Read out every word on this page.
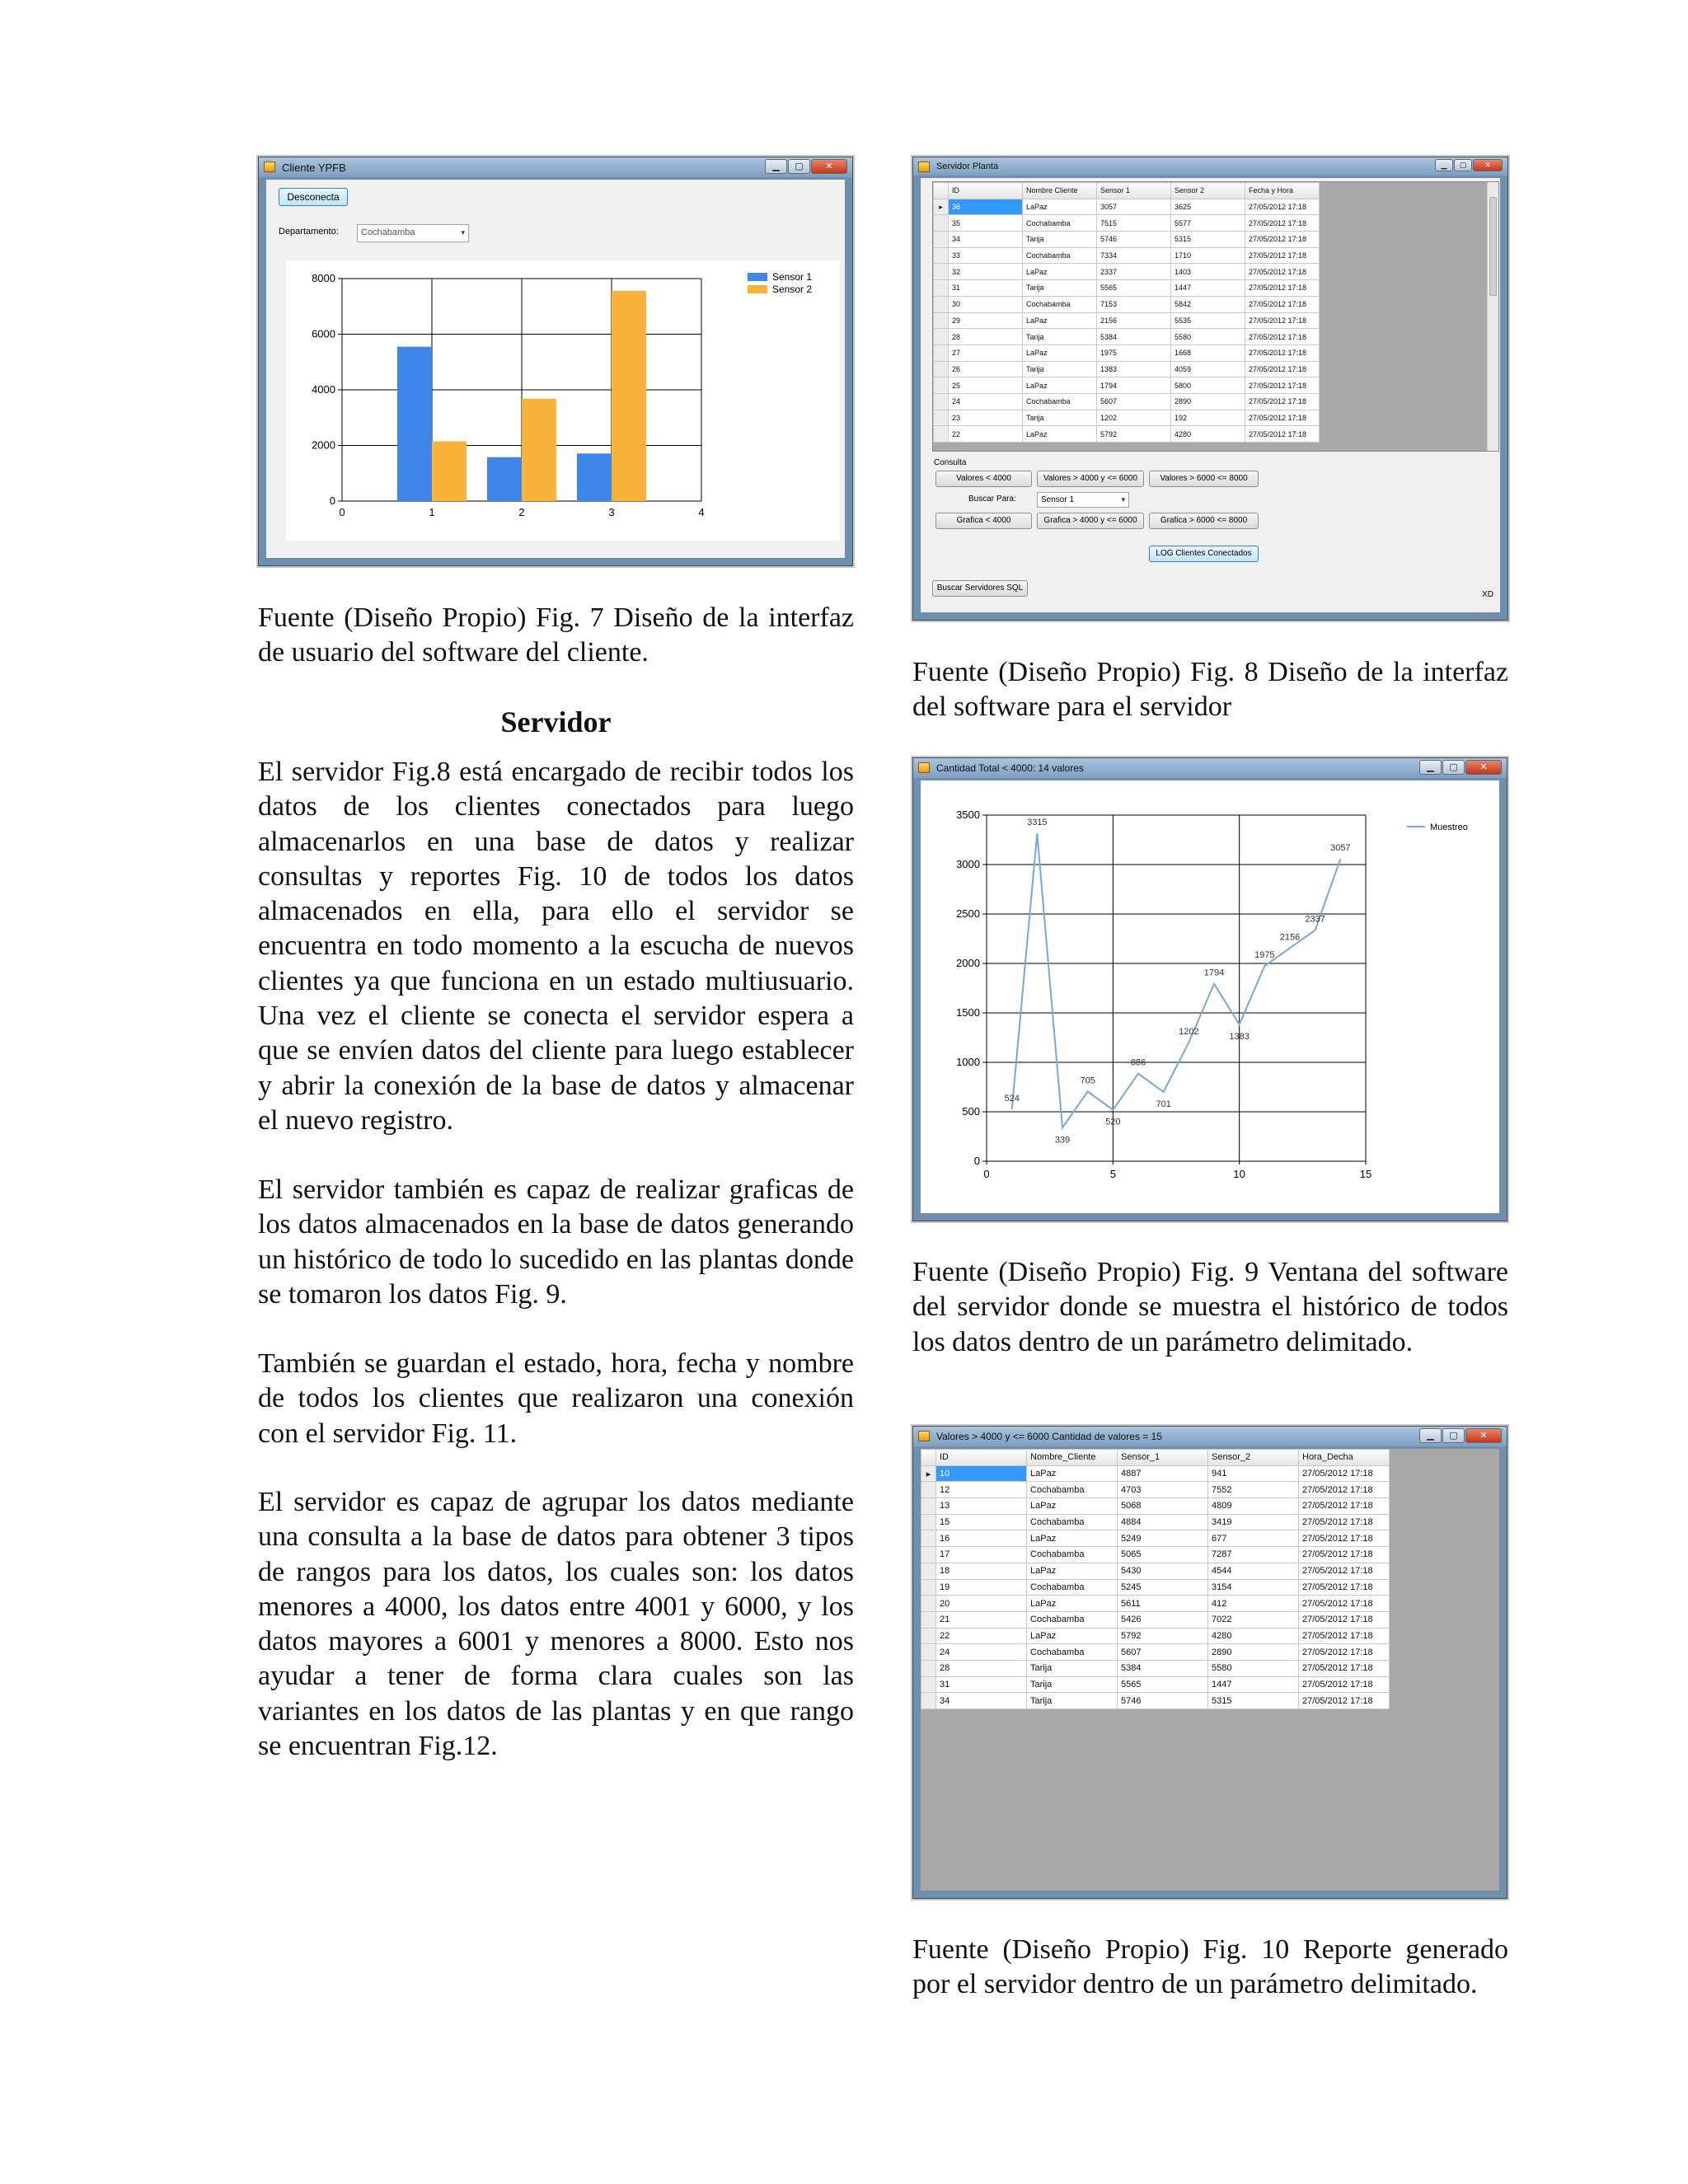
Cliente YPFB	▁	▢	✕
Desconecta
Departamento:	Cochabamba	▾
0	1	2	3	4
0
2000
4000
6000
8000	Sensor 1
Sensor 2
Fuente (Diseño Propio) Fig. 7 Diseño de la interfaz de usuario del software del cliente.
Servidor Planta	▁	▢	✕
	ID	Nombre Cliente	Sensor 1	Sensor 2	Fecha y Hora
▸	36	LaPaz	3057	3625	27/05/2012 17:18
	35	Cochabamba	7515	5577	27/05/2012 17:18
	34	Tarija	5746	5315	27/05/2012 17:18
	33	Cochabamba	7334	1710	27/05/2012 17:18
	32	LaPaz	2337	1403	27/05/2012 17:18
	31	Tarija	5565	1447	27/05/2012 17:18
	30	Cochabamba	7153	5842	27/05/2012 17:18
	29	LaPaz	2156	5535	27/05/2012 17:18
	28	Tarija	5384	5580	27/05/2012 17:18
	27	LaPaz	1975	1668	27/05/2012 17:18
	26	Tarija	1383	4059	27/05/2012 17:18
	25	LaPaz	1794	5800	27/05/2012 17:18
	24	Cochabamba	5607	2890	27/05/2012 17:18
	23	Tarija	1202	192	27/05/2012 17:18
	22	LaPaz	5792	4280	27/05/2012 17:18
Consulta
Valores < 4000	Valores > 4000 y <= 6000	Valores > 6000 <= 8000
Buscar Para:	Sensor 1	▾
Grafica < 4000	Grafica > 4000 y <= 6000	Grafica > 6000 <= 8000
LOG Clientes Conectados
Buscar Servidores SQL
XD
Fuente (Diseño Propio) Fig. 8 Diseño de la interfaz del software para el servidor
Cantidad Total < 4000: 14 valores	▁	▢	✕
0	5	10	15
0
500
1000
1500
2000
2500
3000
3500
524
3315
339
705
520
886
701
1202
1794
1383
1975
2156
2337
3057
Muestreo
Fuente (Diseño Propio) Fig. 9 Ventana del software del servidor donde se muestra el histórico de todos los datos dentro de un parámetro delimitado.
Valores > 4000 y <= 6000 Cantidad de valores = 15	▁	▢	✕
	ID	Nombre_Cliente	Sensor_1	Sensor_2	Hora_Decha
▸	10	LaPaz	4887	941	27/05/2012 17:18
	12	Cochabamba	4703	7552	27/05/2012 17:18
	13	LaPaz	5068	4809	27/05/2012 17:18
	15	Cochabamba	4884	3419	27/05/2012 17:18
	16	LaPaz	5249	677	27/05/2012 17:18
	17	Cochabamba	5065	7287	27/05/2012 17:18
	18	LaPaz	5430	4544	27/05/2012 17:18
	19	Cochabamba	5245	3154	27/05/2012 17:18
	20	LaPaz	5611	412	27/05/2012 17:18
	21	Cochabamba	5426	7022	27/05/2012 17:18
	22	LaPaz	5792	4280	27/05/2012 17:18
	24	Cochabamba	5607	2890	27/05/2012 17:18
	28	Tarija	5384	5580	27/05/2012 17:18
	31	Tarija	5565	1447	27/05/2012 17:18
	34	Tarija	5746	5315	27/05/2012 17:18
Fuente (Diseño Propio) Fig. 10 Reporte generado por el servidor dentro de un parámetro delimitado.
Servidor
El servidor Fig.8 está encargado de recibir todos los datos de los clientes conectados para luego almacenarlos en una base de datos y realizar consultas y reportes Fig. 10 de todos los datos almacenados en ella, para ello el servidor se encuentra en todo momento a la escucha de nuevos clientes ya que funciona en un estado multiusuario. Una vez el cliente se conecta el servidor espera a que se envíen datos del cliente para luego establecer y abrir la conexión de la base de datos y almacenar el nuevo registro.
El servidor también es capaz de realizar graficas de los datos almacenados en la base de datos generando un histórico de todo lo sucedido en las plantas donde se tomaron los datos Fig. 9.
También se guardan el estado, hora, fecha y nombre de todos los clientes que realizaron una conexión con el servidor Fig. 11.
El servidor es capaz de agrupar los datos mediante una consulta a la base de datos para obtener 3 tipos de rangos para los datos, los cuales son: los datos menores a 4000, los datos entre 4001 y 6000, y los datos mayores a 6001 y menores a 8000. Esto nos ayudar a tener de forma clara cuales son las variantes en los datos de las plantas y en que rango se encuentran Fig.12.
